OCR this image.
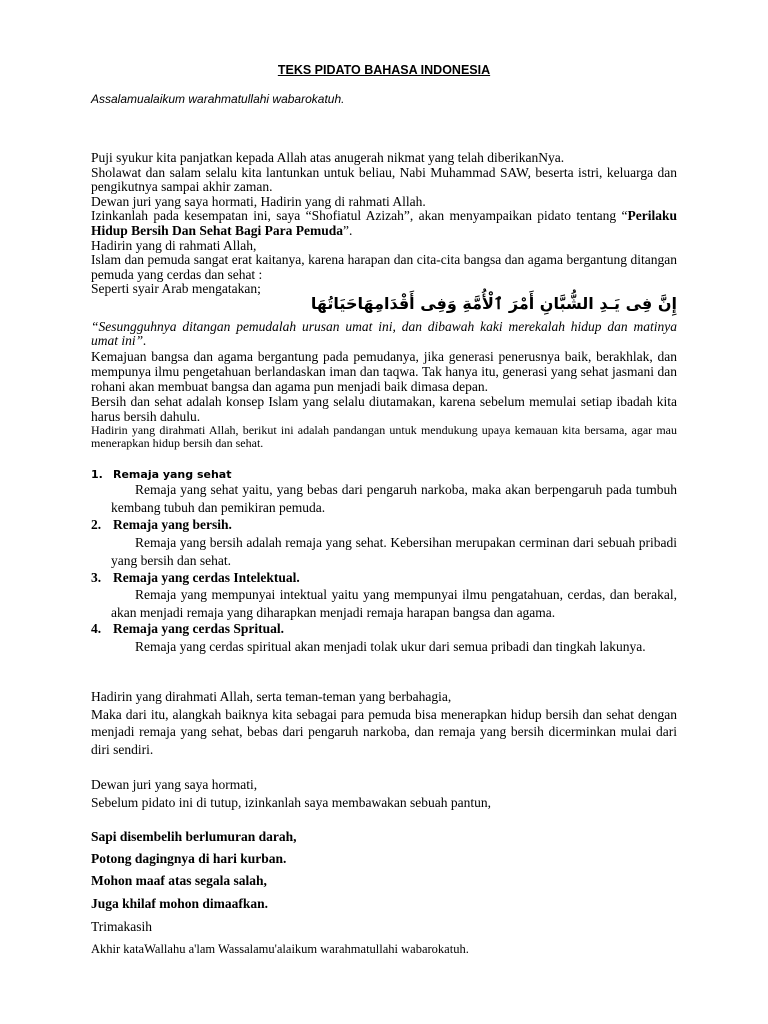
TEKS PIDATO BAHASA INDONESIA
Assalamualaikum warahmatullahi wabarokatuh.

Puji syukur kita panjatkan kepada Allah atas anugerah nikmat yang telah diberikanNya.

Sholawat dan salam selalu kita lantunkan untuk beliau, Nabi Muhammad SAW, beserta istri, keluarga dan pengikutnya sampai akhir zaman.

Dewan juri yang saya hormati, Hadirin yang di rahmati Allah.

Izinkanlah pada kesempatan ini, saya “Shofiatul Azizah”, akan menyampaikan pidato tentang “Perilaku Hidup Bersih Dan Sehat Bagi Para Pemuda”.

Hadirin yang di rahmati Allah,

Islam dan pemuda sangat erat kaitanya, karena harapan dan cita-cita bangsa dan agama bergantung ditangan pemuda yang cerdas dan sehat :

Seperti syair Arab mengatakan;

إِنَّ فِى يَـدِ الشُّبَّانِ أَمْرَ ٱلْأُمَّةِ وَفِى أَقْدَامِهَاحَيَاتُهَا
“Sesungguhnya ditangan pemudalah urusan umat ini, dan dibawah kaki merekalah hidup dan matinya umat ini”.

Kemajuan bangsa dan agama bergantung pada pemudanya, jika generasi penerusnya baik, berakhlak, dan mempunya ilmu pengetahuan berlandaskan iman dan taqwa. Tak hanya itu, generasi yang sehat jasmani dan rohani akan membuat bangsa dan agama pun menjadi baik dimasa depan.

Bersih dan sehat adalah konsep Islam yang selalu diutamakan, karena sebelum memulai setiap ibadah kita harus bersih dahulu.

Hadirin yang dirahmati Allah, berikut ini adalah pandangan untuk mendukung upaya kemauan kita bersama, agar mau menerapkan hidup bersih dan sehat.

1. Remaja yang sehat
Remaja yang sehat yaitu, yang bebas dari pengaruh narkoba, maka akan berpengaruh pada tumbuh kembang tubuh dan pemikiran pemuda.
2. Remaja yang bersih.
Remaja yang bersih adalah remaja yang sehat. Kebersihan merupakan cerminan dari sebuah pribadi yang bersih dan sehat.
3. Remaja yang cerdas Intelektual.
Remaja yang mempunyai intektual yaitu yang mempunyai ilmu pengatahuan, cerdas, dan berakal, akan menjadi remaja yang diharapkan menjadi remaja harapan bangsa dan agama.
4. Remaja yang cerdas Spritual.
Remaja yang cerdas spiritual akan menjadi tolak ukur dari semua pribadi dan tingkah lakunya.

Hadirin yang dirahmati Allah, serta teman-teman yang berbahagia,

Maka dari itu, alangkah baiknya kita sebagai para pemuda bisa menerapkan hidup bersih dan sehat dengan menjadi remaja yang sehat, bebas dari pengaruh narkoba, dan remaja yang bersih dicerminkan mulai dari diri sendiri.

Dewan juri yang saya hormati,

Sebelum pidato ini di tutup, izinkanlah saya membawakan sebuah pantun,

Sapi disembelih berlumuran darah,
Potong dagingnya di hari kurban.
Mohon maaf atas segala salah,
Juga khilaf mohon dimaafkan.
Trimakasih
Akhir kataWallahu a'lam Wassalamu'alaikum warahmatullahi wabarokatuh.
